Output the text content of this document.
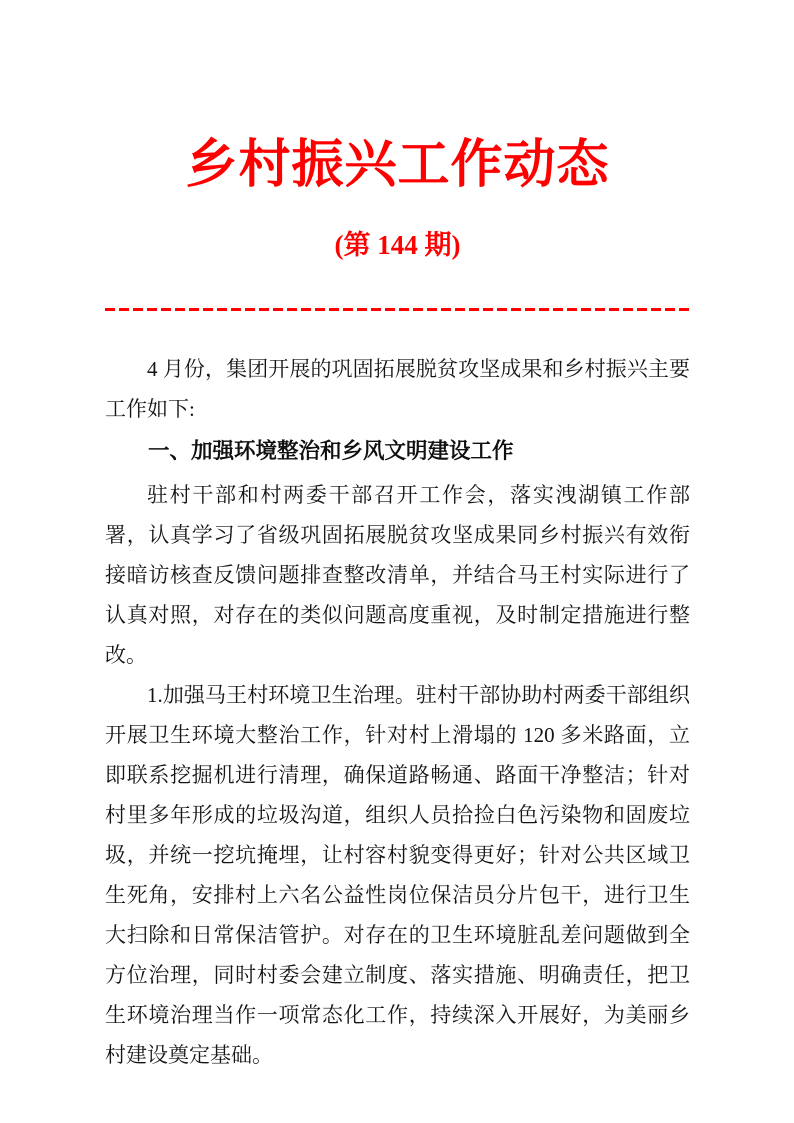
乡村振兴工作动态
(第 144 期)

4 月份，集团开展的巩固拓展脱贫攻坚成果和乡村振兴主要工作如下:

一、加强环境整治和乡风文明建设工作

驻村干部和村两委干部召开工作会，落实洩湖镇工作部署，认真学习了省级巩固拓展脱贫攻坚成果同乡村振兴有效衔接暗访核查反馈问题排查整改清单，并结合马王村实际进行了认真对照，对存在的类似问题高度重视，及时制定措施进行整改。

1.加强马王村环境卫生治理。驻村干部协助村两委干部组织开展卫生环境大整治工作，针对村上滑塌的 120 多米路面，立即联系挖掘机进行清理，确保道路畅通、路面干净整洁；针对村里多年形成的垃圾沟道，组织人员拾捡白色污染物和固废垃圾，并统一挖坑掩埋，让村容村貌变得更好；针对公共区域卫生死角，安排村上六名公益性岗位保洁员分片包干，进行卫生大扫除和日常保洁管护。对存在的卫生环境脏乱差问题做到全方位治理，同时村委会建立制度、落实措施、明确责任，把卫生环境治理当作一项常态化工作，持续深入开展好，为美丽乡村建设奠定基础。
